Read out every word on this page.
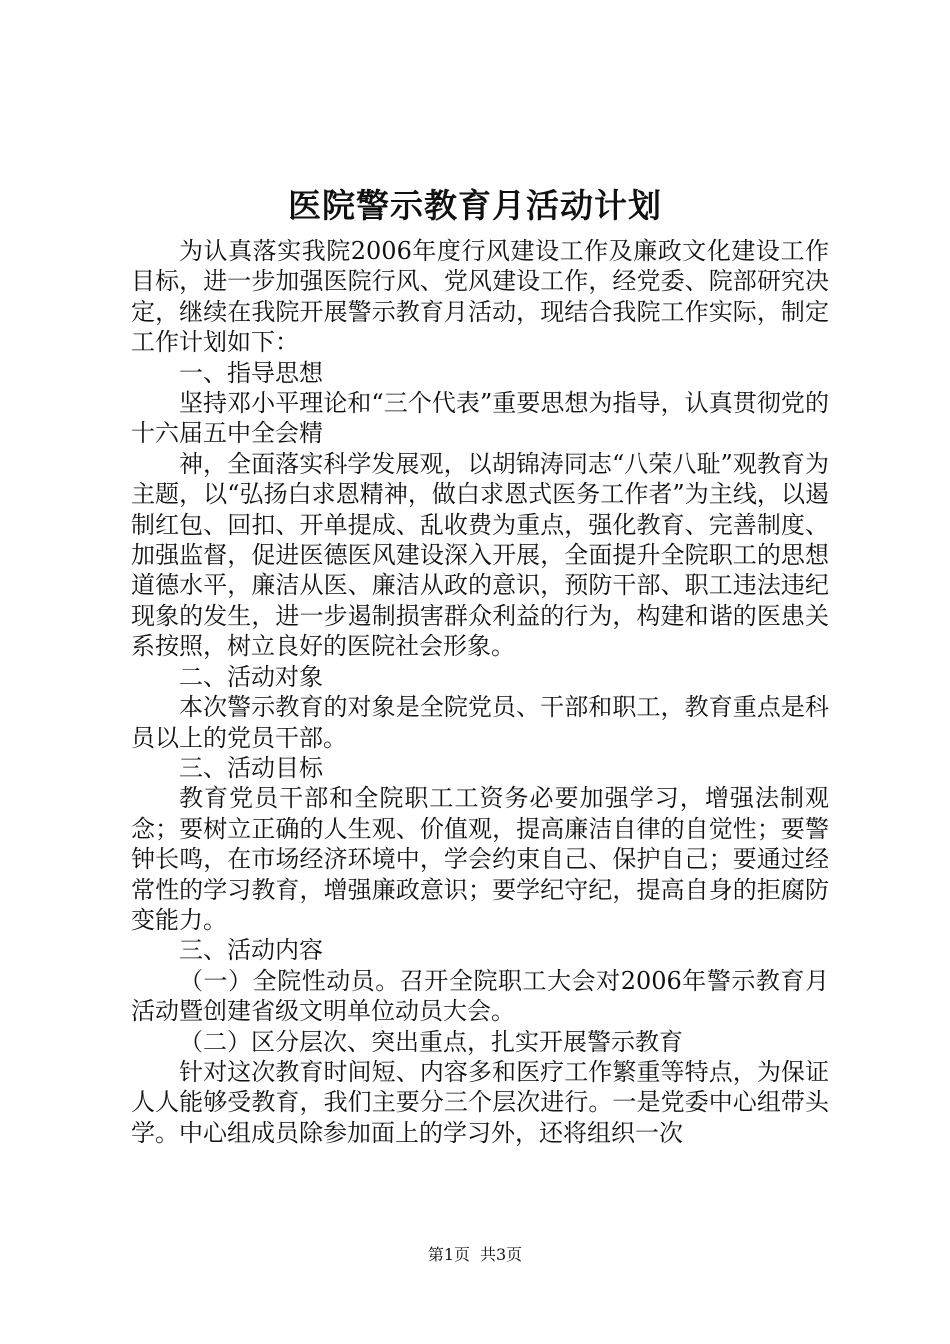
医院警示教育月活动计划

为认真落实我院2006年度行风建设工作及廉政文化建设工作目标，进一步加强医院行风、党风建设工作，经党委、院部研究决定，继续在我院开展警示教育月活动，现结合我院工作实际，制定工作计划如下：

一、指导思想

坚持邓小平理论和“三个代表”重要思想为指导，认真贯彻党的十六届五中全会精

神，全面落实科学发展观，以胡锦涛同志“八荣八耻”观教育为主题，以“弘扬白求恩精神，做白求恩式医务工作者”为主线，以遏制红包、回扣、开单提成、乱收费为重点，强化教育、完善制度、加强监督，促进医德医风建设深入开展，全面提升全院职工的思想道德水平，廉洁从医、廉洁从政的意识，预防干部、职工违法违纪现象的发生，进一步遏制损害群众利益的行为，构建和谐的医患关系按照，树立良好的医院社会形象。

二、活动对象

本次警示教育的对象是全院党员、干部和职工，教育重点是科员以上的党员干部。

三、活动目标

教育党员干部和全院职工工资务必要加强学习，增强法制观念；要树立正确的人生观、价值观，提高廉洁自律的自觉性；要警钟长鸣，在市场经济环境中，学会约束自己、保护自己；要通过经常性的学习教育，增强廉政意识；要学纪守纪，提高自身的拒腐防变能力。

三、活动内容

（一）全院性动员。召开全院职工大会对2006年警示教育月活动暨创建省级文明单位动员大会。

（二）区分层次、突出重点，扎实开展警示教育

针对这次教育时间短、内容多和医疗工作繁重等特点，为保证人人能够受教育，我们主要分三个层次进行。一是党委中心组带头学。中心组成员除参加面上的学习外，还将组织一次

第1页 共3页
